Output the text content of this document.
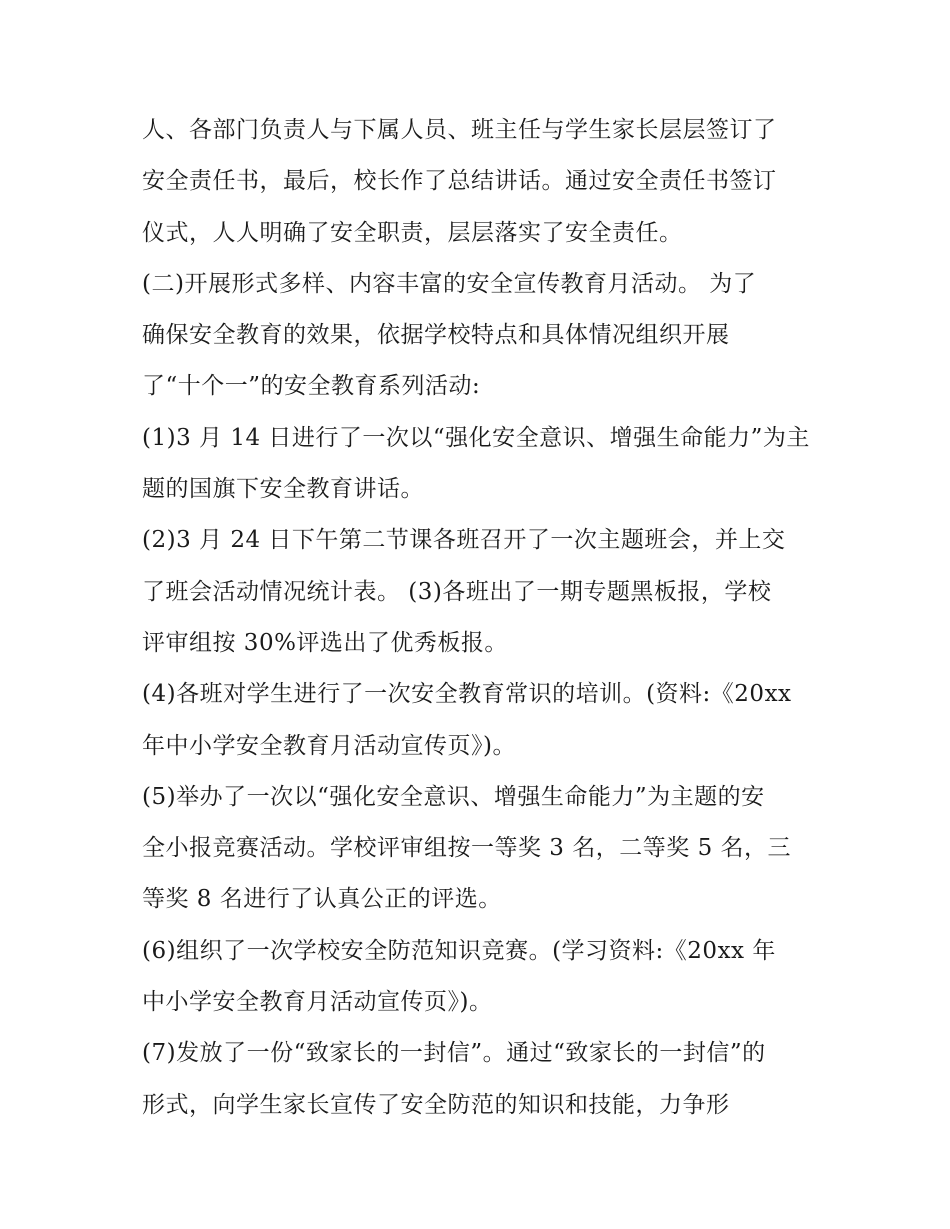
人、各部门负责人与下属人员、班主任与学生家长层层签订了
安全责任书，最后，校长作了总结讲话。通过安全责任书签订
仪式，人人明确了安全职责，层层落实了安全责任。
(二)开展形式多样、内容丰富的安全宣传教育月活动。 为了
确保安全教育的效果，依据学校特点和具体情况组织开展
了“十个一”的安全教育系列活动:
(1)3 月 14 日进行了一次以“强化安全意识、增强生命能力”为主
题的国旗下安全教育讲话。
(2)3 月 24 日下午第二节课各班召开了一次主题班会，并上交
了班会活动情况统计表。 (3)各班出了一期专题黑板报，学校
评审组按 30%评选出了优秀板报。
(4)各班对学生进行了一次安全教育常识的培训。(资料:《20xx
年中小学安全教育月活动宣传页》)。
(5)举办了一次以“强化安全意识、增强生命能力”为主题的安
全小报竞赛活动。学校评审组按一等奖 3 名，二等奖 5 名，三
等奖 8 名进行了认真公正的评选。
(6)组织了一次学校安全防范知识竞赛。(学习资料:《20xx 年
中小学安全教育月活动宣传页》)。
(7)发放了一份“致家长的一封信”。通过“致家长的一封信”的
形式，向学生家长宣传了安全防范的知识和技能，力争形
